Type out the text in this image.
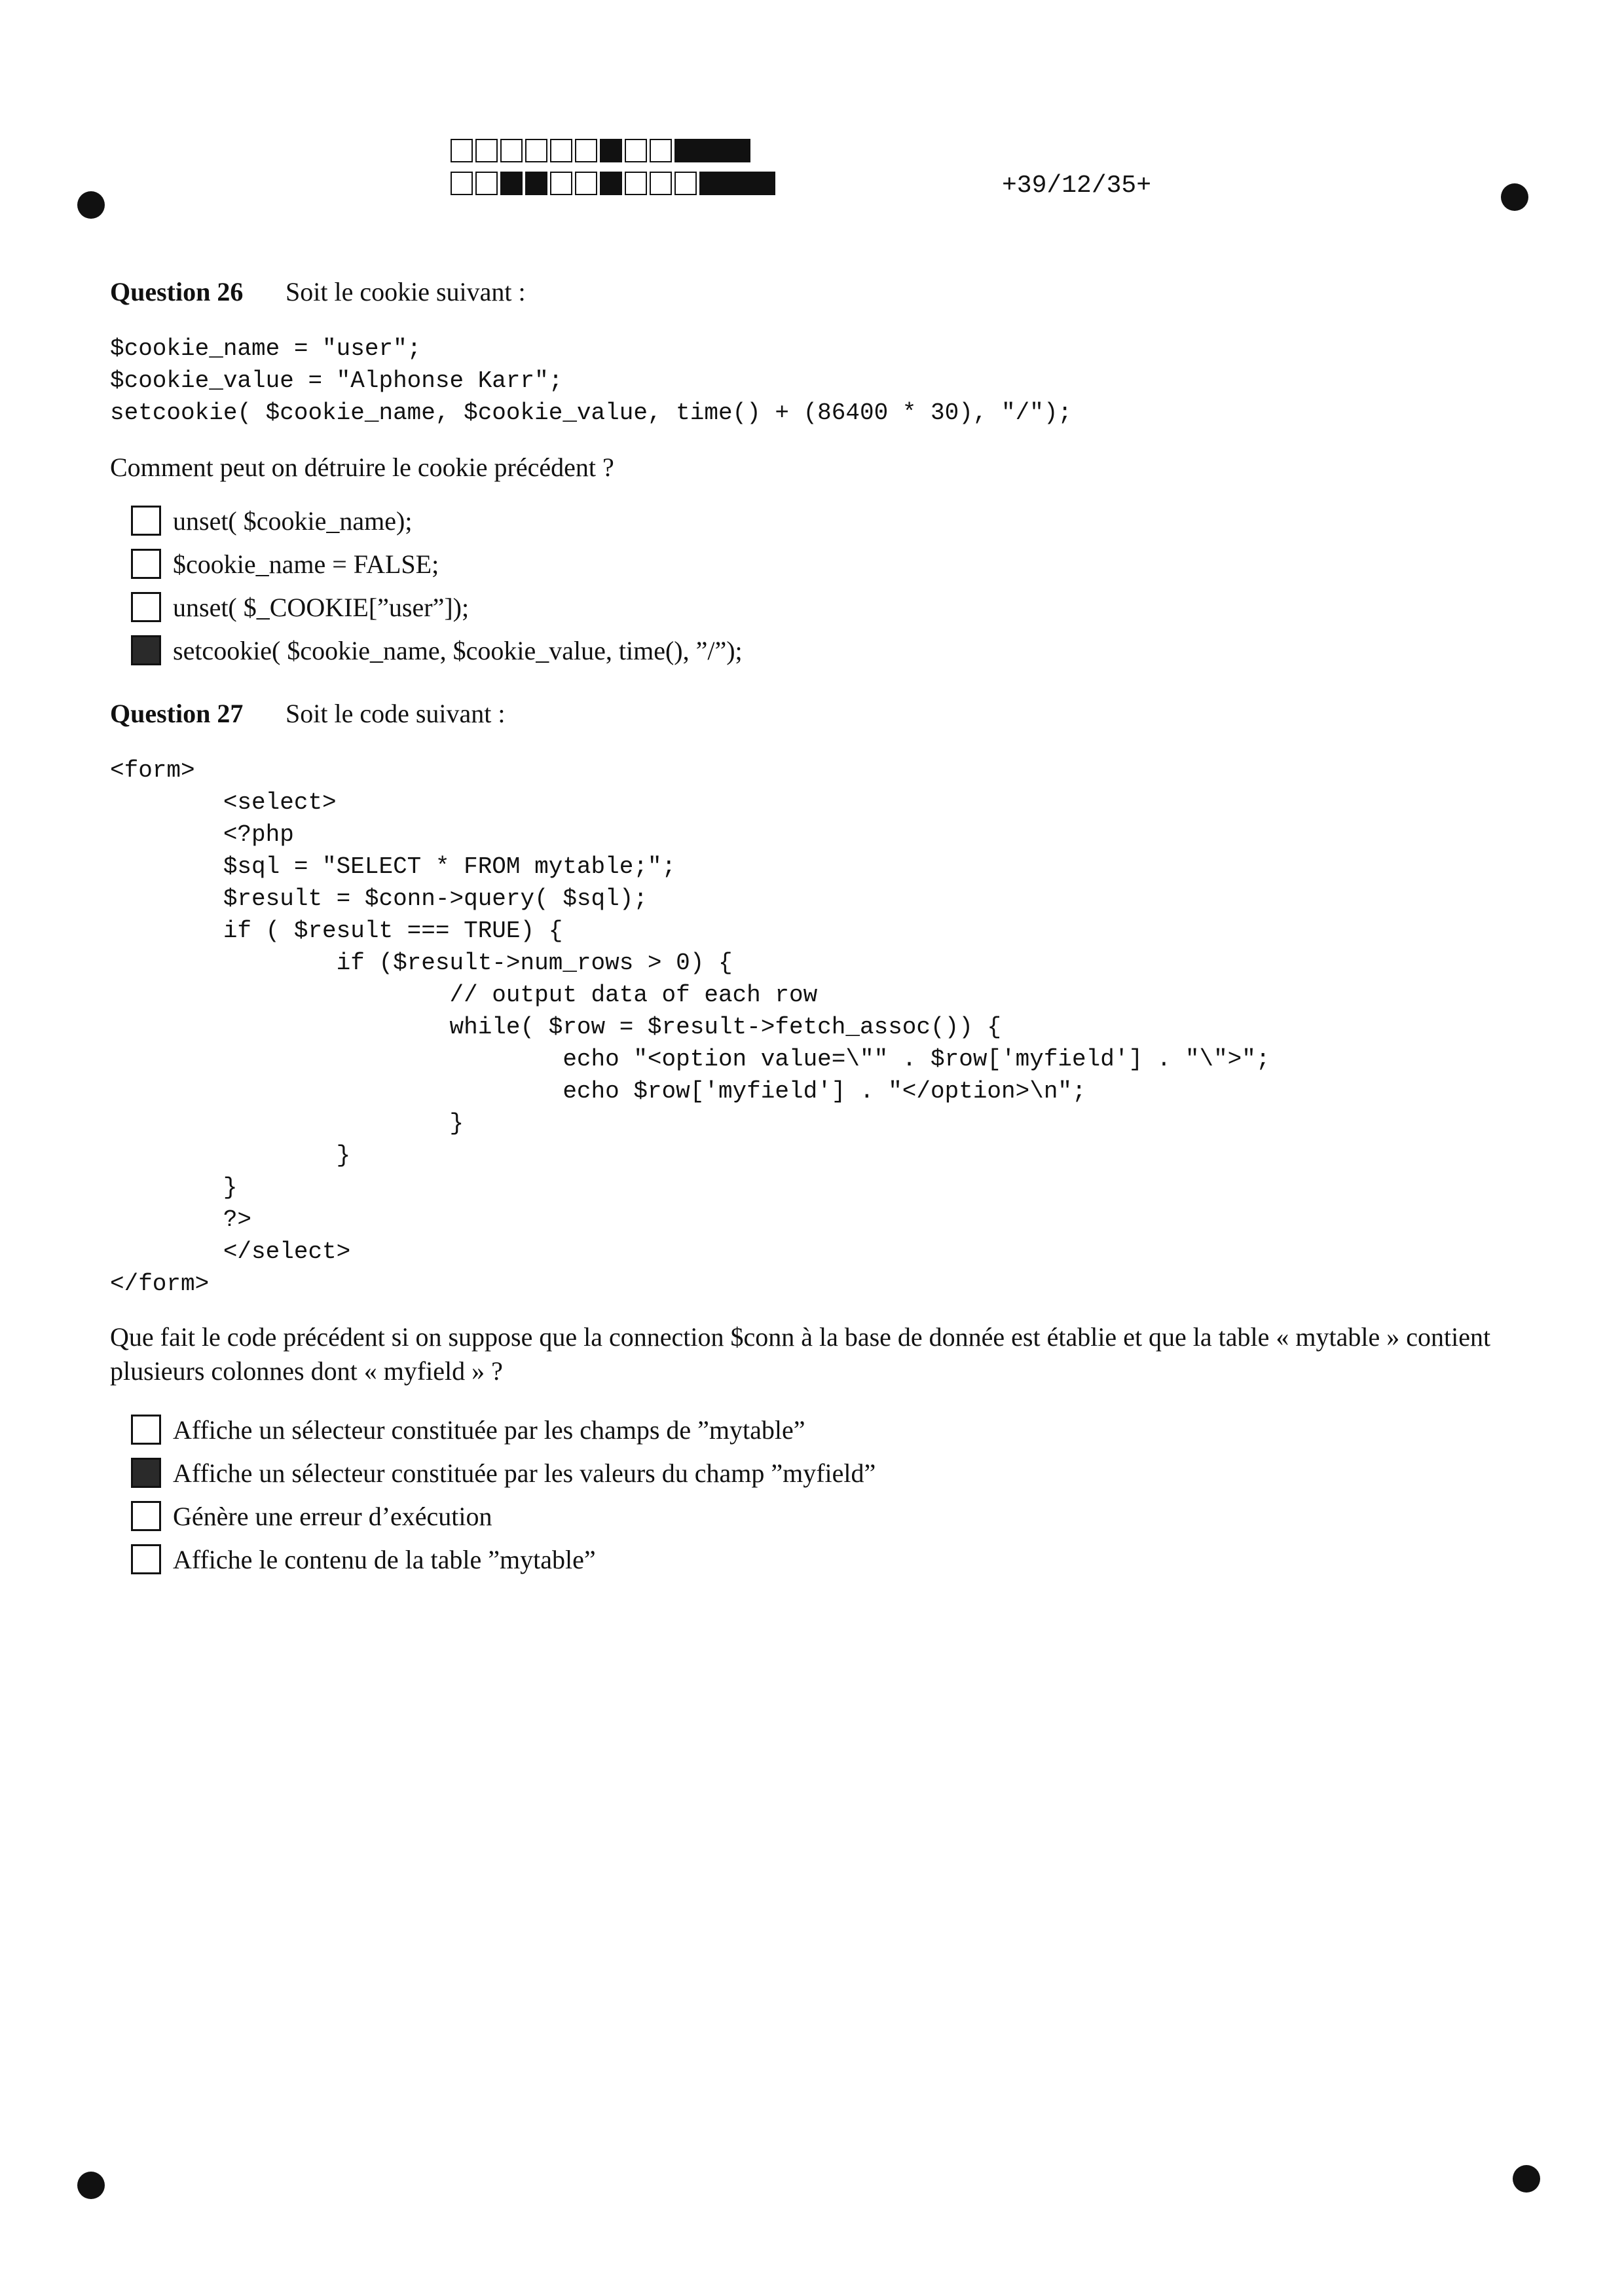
+39/12/35+
Question 26	Soit le cookie suivant :
$cookie_name = "user";
$cookie_value = "Alphonse Karr";
setcookie( $cookie_name, $cookie_value, time() + (86400 * 30), "/");
Comment peut on détruire le cookie précédent ?
unset( $cookie_name);
$cookie_name = FALSE;
unset( $_COOKIE[”user”]);
setcookie( $cookie_name, $cookie_value, time(), ”/”);
Question 27	Soit le code suivant :
<form>
<select>
<?php
$sql = "SELECT * FROM mytable;";
$result = $conn->query( $sql);
if ( $result === TRUE) {
if ($result->num_rows > 0) {
// output data of each row
while( $row = $result->fetch_assoc()) {
echo "<option value=\"" . $row['myfield'] . "\">";
echo $row['myfield'] . "</option>\n";
}
}
}
?>
</select>
</form>
Que fait le code précédent si on suppose que la connection $conn à la base de donnée est établie et que la table « mytable » contient plusieurs colonnes dont « myfield » ?
Affiche un sélecteur constituée par les champs de ”mytable”
Affiche un sélecteur constituée par les valeurs du champ ”myfield”
Génère une erreur d’exécution
Affiche le contenu de la table ”mytable”
